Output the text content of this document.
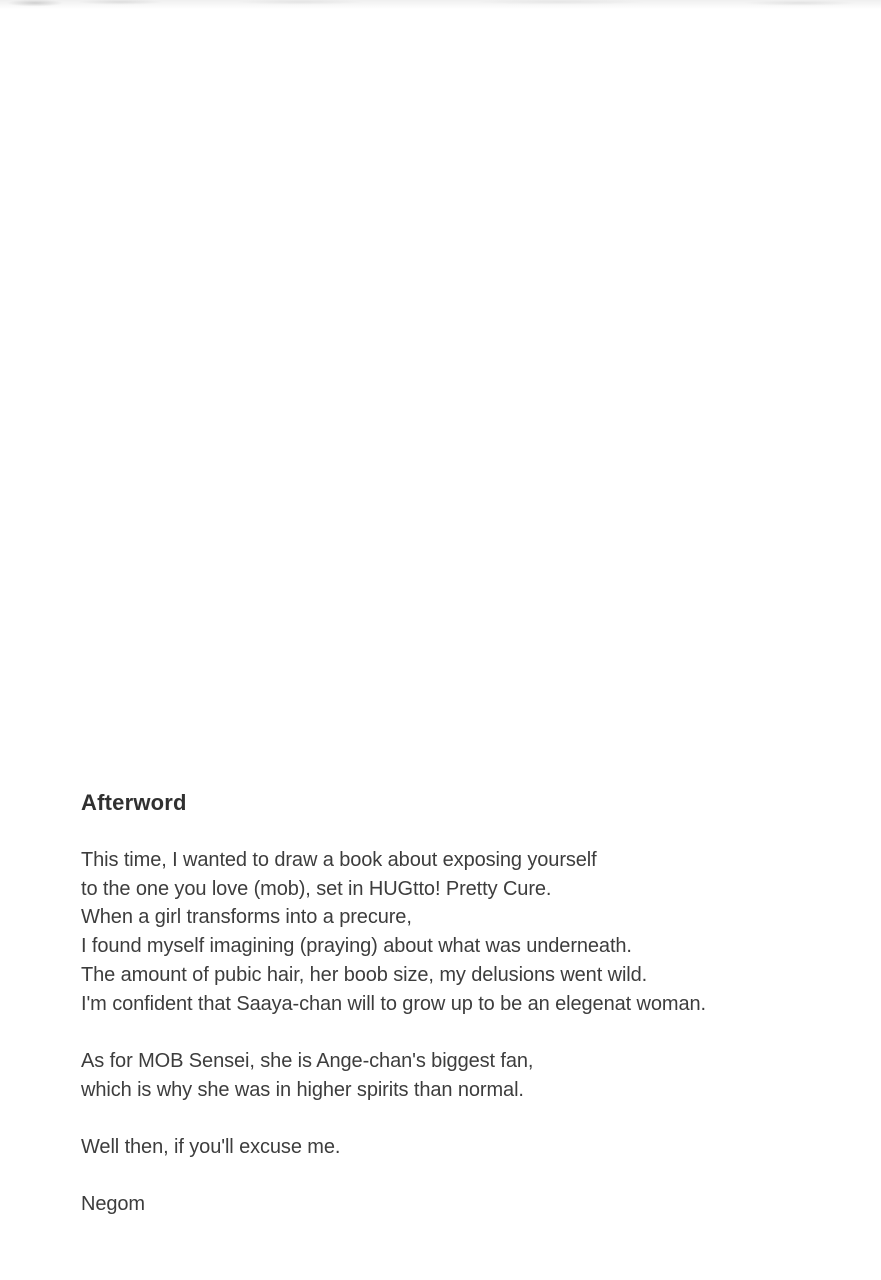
Afterword

This time, I wanted to draw a book about exposing yourself
to the one you love (mob), set in HUGtto! Pretty Cure.
When a girl transforms into a precure,
I found myself imagining (praying) about what was underneath.
The amount of pubic hair, her boob size, my delusions went wild.
I'm confident that Saaya-chan will to grow up to be an elegenat woman.

As for MOB Sensei, she is Ange-chan's biggest fan,
which is why she was in higher spirits than normal.

Well then, if you'll excuse me.

Negom
